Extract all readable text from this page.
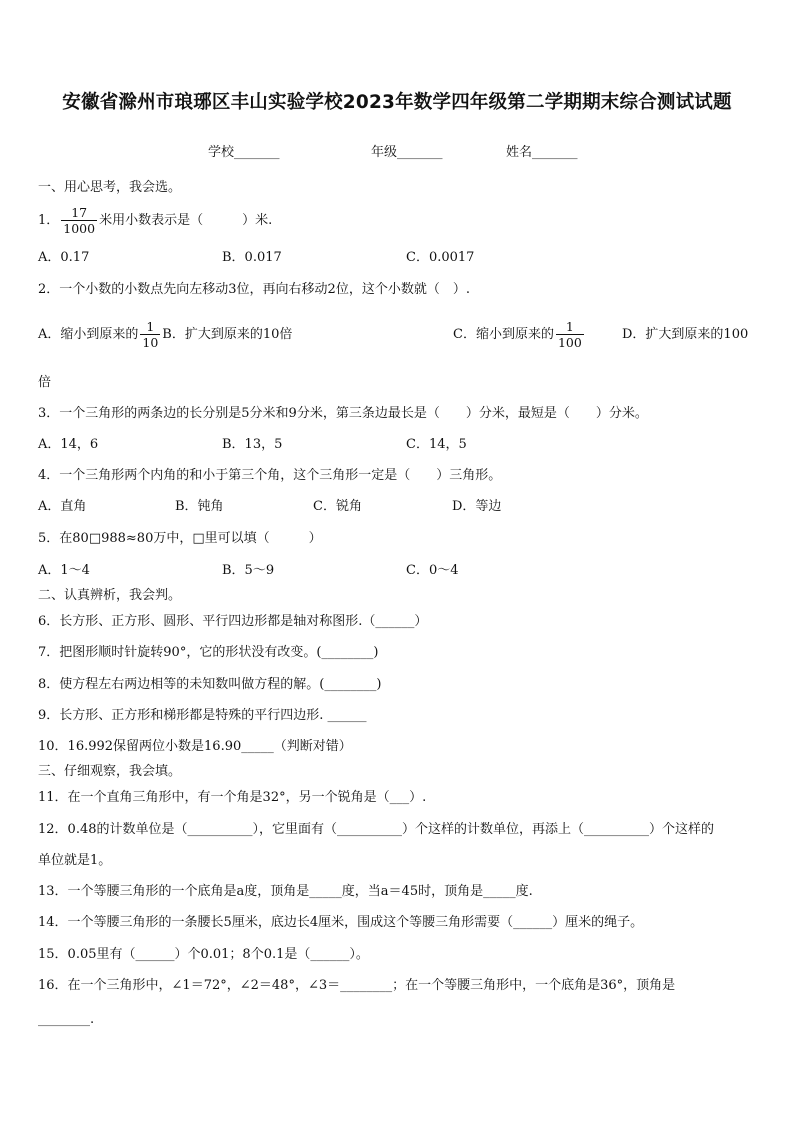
安徽省滁州市琅琊区丰山实验学校2023年数学四年级第二学期期末综合测试试题
学校_______	年级_______	姓名_______
一、用心思考，我会选。
1． $\frac{17}{1000}$ 米用小数表示是（　　　）米.
A．0.17	B．0.017	C．0.0017
2．一个小数的小数点先向左移动3位，再向右移动2位，这个小数就（　）.
A．缩小到原来的 $\frac{1}{10}$ B．扩大到原来的10倍	C．缩小到原来的 $\frac{1}{100}$	D．扩大到原来的100
倍
3．一个三角形的两条边的长分别是5分米和9分米，第三条边最长是（　　）分米，最短是（　　）分米。
A．14，6	B．13，5	C．14，5
4．一个三角形两个内角的和小于第三个角，这个三角形一定是（　　）三角形。
A．直角	B．钝角	C．锐角	D．等边
5．在80□988≈80万中，□里可以填（　　　）
A．1～4	B．5～9	C．0～4
二、认真辨析，我会判。
6．长方形、正方形、圆形、平行四边形都是轴对称图形.（______）
7．把图形顺时针旋转90°，它的形状没有改变。(________)
8．使方程左右两边相等的未知数叫做方程的解。(________)
9．长方形、正方形和梯形都是特殊的平行四边形. ______
10．16.992保留两位小数是16.90_____（判断对错）
三、仔细观察，我会填。
11．在一个直角三角形中，有一个角是32°，另一个锐角是（___）.
12．0.48的计数单位是（__________），它里面有（__________）个这样的计数单位，再添上（__________）个这样的
单位就是1。
13．一个等腰三角形的一个底角是a度，顶角是_____度，当a＝45时，顶角是_____度.
14．一个等腰三角形的一条腰长5厘米，底边长4厘米，围成这个等腰三角形需要（______）厘米的绳子。
15．0.05里有（______）个0.01；8个0.1是（______）。
16．在一个三角形中，∠1＝72°，∠2＝48°，∠3＝________；在一个等腰三角形中，一个底角是36°，顶角是
________.
